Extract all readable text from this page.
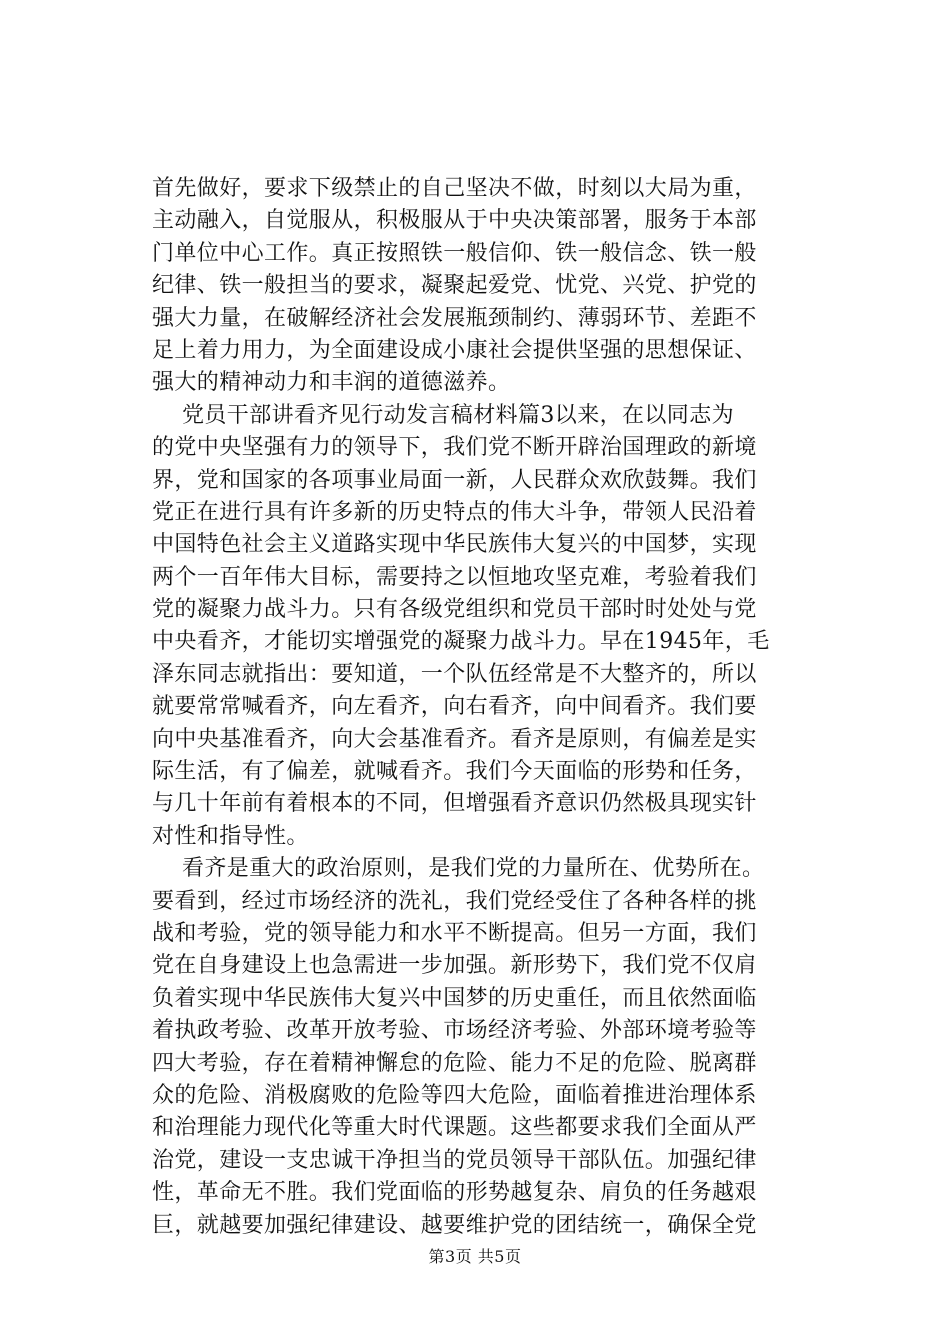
首先做好，要求下级禁止的自己坚决不做，时刻以大局为重，
主动融入，自觉服从，积极服从于中央决策部署，服务于本部
门单位中心工作。真正按照铁一般信仰、铁一般信念、铁一般
纪律、铁一般担当的要求，凝聚起爱党、忧党、兴党、护党的
强大力量，在破解经济社会发展瓶颈制约、薄弱环节、差距不
足上着力用力，为全面建设成小康社会提供坚强的思想保证、
强大的精神动力和丰润的道德滋养。
党员干部讲看齐见行动发言稿材料篇3以来，在以同志为
的党中央坚强有力的领导下，我们党不断开辟治国理政的新境
界，党和国家的各项事业局面一新，人民群众欢欣鼓舞。我们
党正在进行具有许多新的历史特点的伟大斗争，带领人民沿着
中国特色社会主义道路实现中华民族伟大复兴的中国梦，实现
两个一百年伟大目标，需要持之以恒地攻坚克难，考验着我们
党的凝聚力战斗力。只有各级党组织和党员干部时时处处与党
中央看齐，才能切实增强党的凝聚力战斗力。早在1945年，毛
泽东同志就指出：要知道，一个队伍经常是不大整齐的，所以
就要常常喊看齐，向左看齐，向右看齐，向中间看齐。我们要
向中央基准看齐，向大会基准看齐。看齐是原则，有偏差是实
际生活，有了偏差，就喊看齐。我们今天面临的形势和任务，
与几十年前有着根本的不同，但增强看齐意识仍然极具现实针
对性和指导性。
看齐是重大的政治原则，是我们党的力量所在、优势所在。
要看到，经过市场经济的洗礼，我们党经受住了各种各样的挑
战和考验，党的领导能力和水平不断提高。但另一方面，我们
党在自身建设上也急需进一步加强。新形势下，我们党不仅肩
负着实现中华民族伟大复兴中国梦的历史重任，而且依然面临
着执政考验、改革开放考验、市场经济考验、外部环境考验等
四大考验，存在着精神懈怠的危险、能力不足的危险、脱离群
众的危险、消极腐败的危险等四大危险，面临着推进治理体系
和治理能力现代化等重大时代课题。这些都要求我们全面从严
治党，建设一支忠诚干净担当的党员领导干部队伍。加强纪律
性，革命无不胜。我们党面临的形势越复杂、肩负的任务越艰
巨，就越要加强纪律建设、越要维护党的团结统一，确保全党
第3页 共5页
